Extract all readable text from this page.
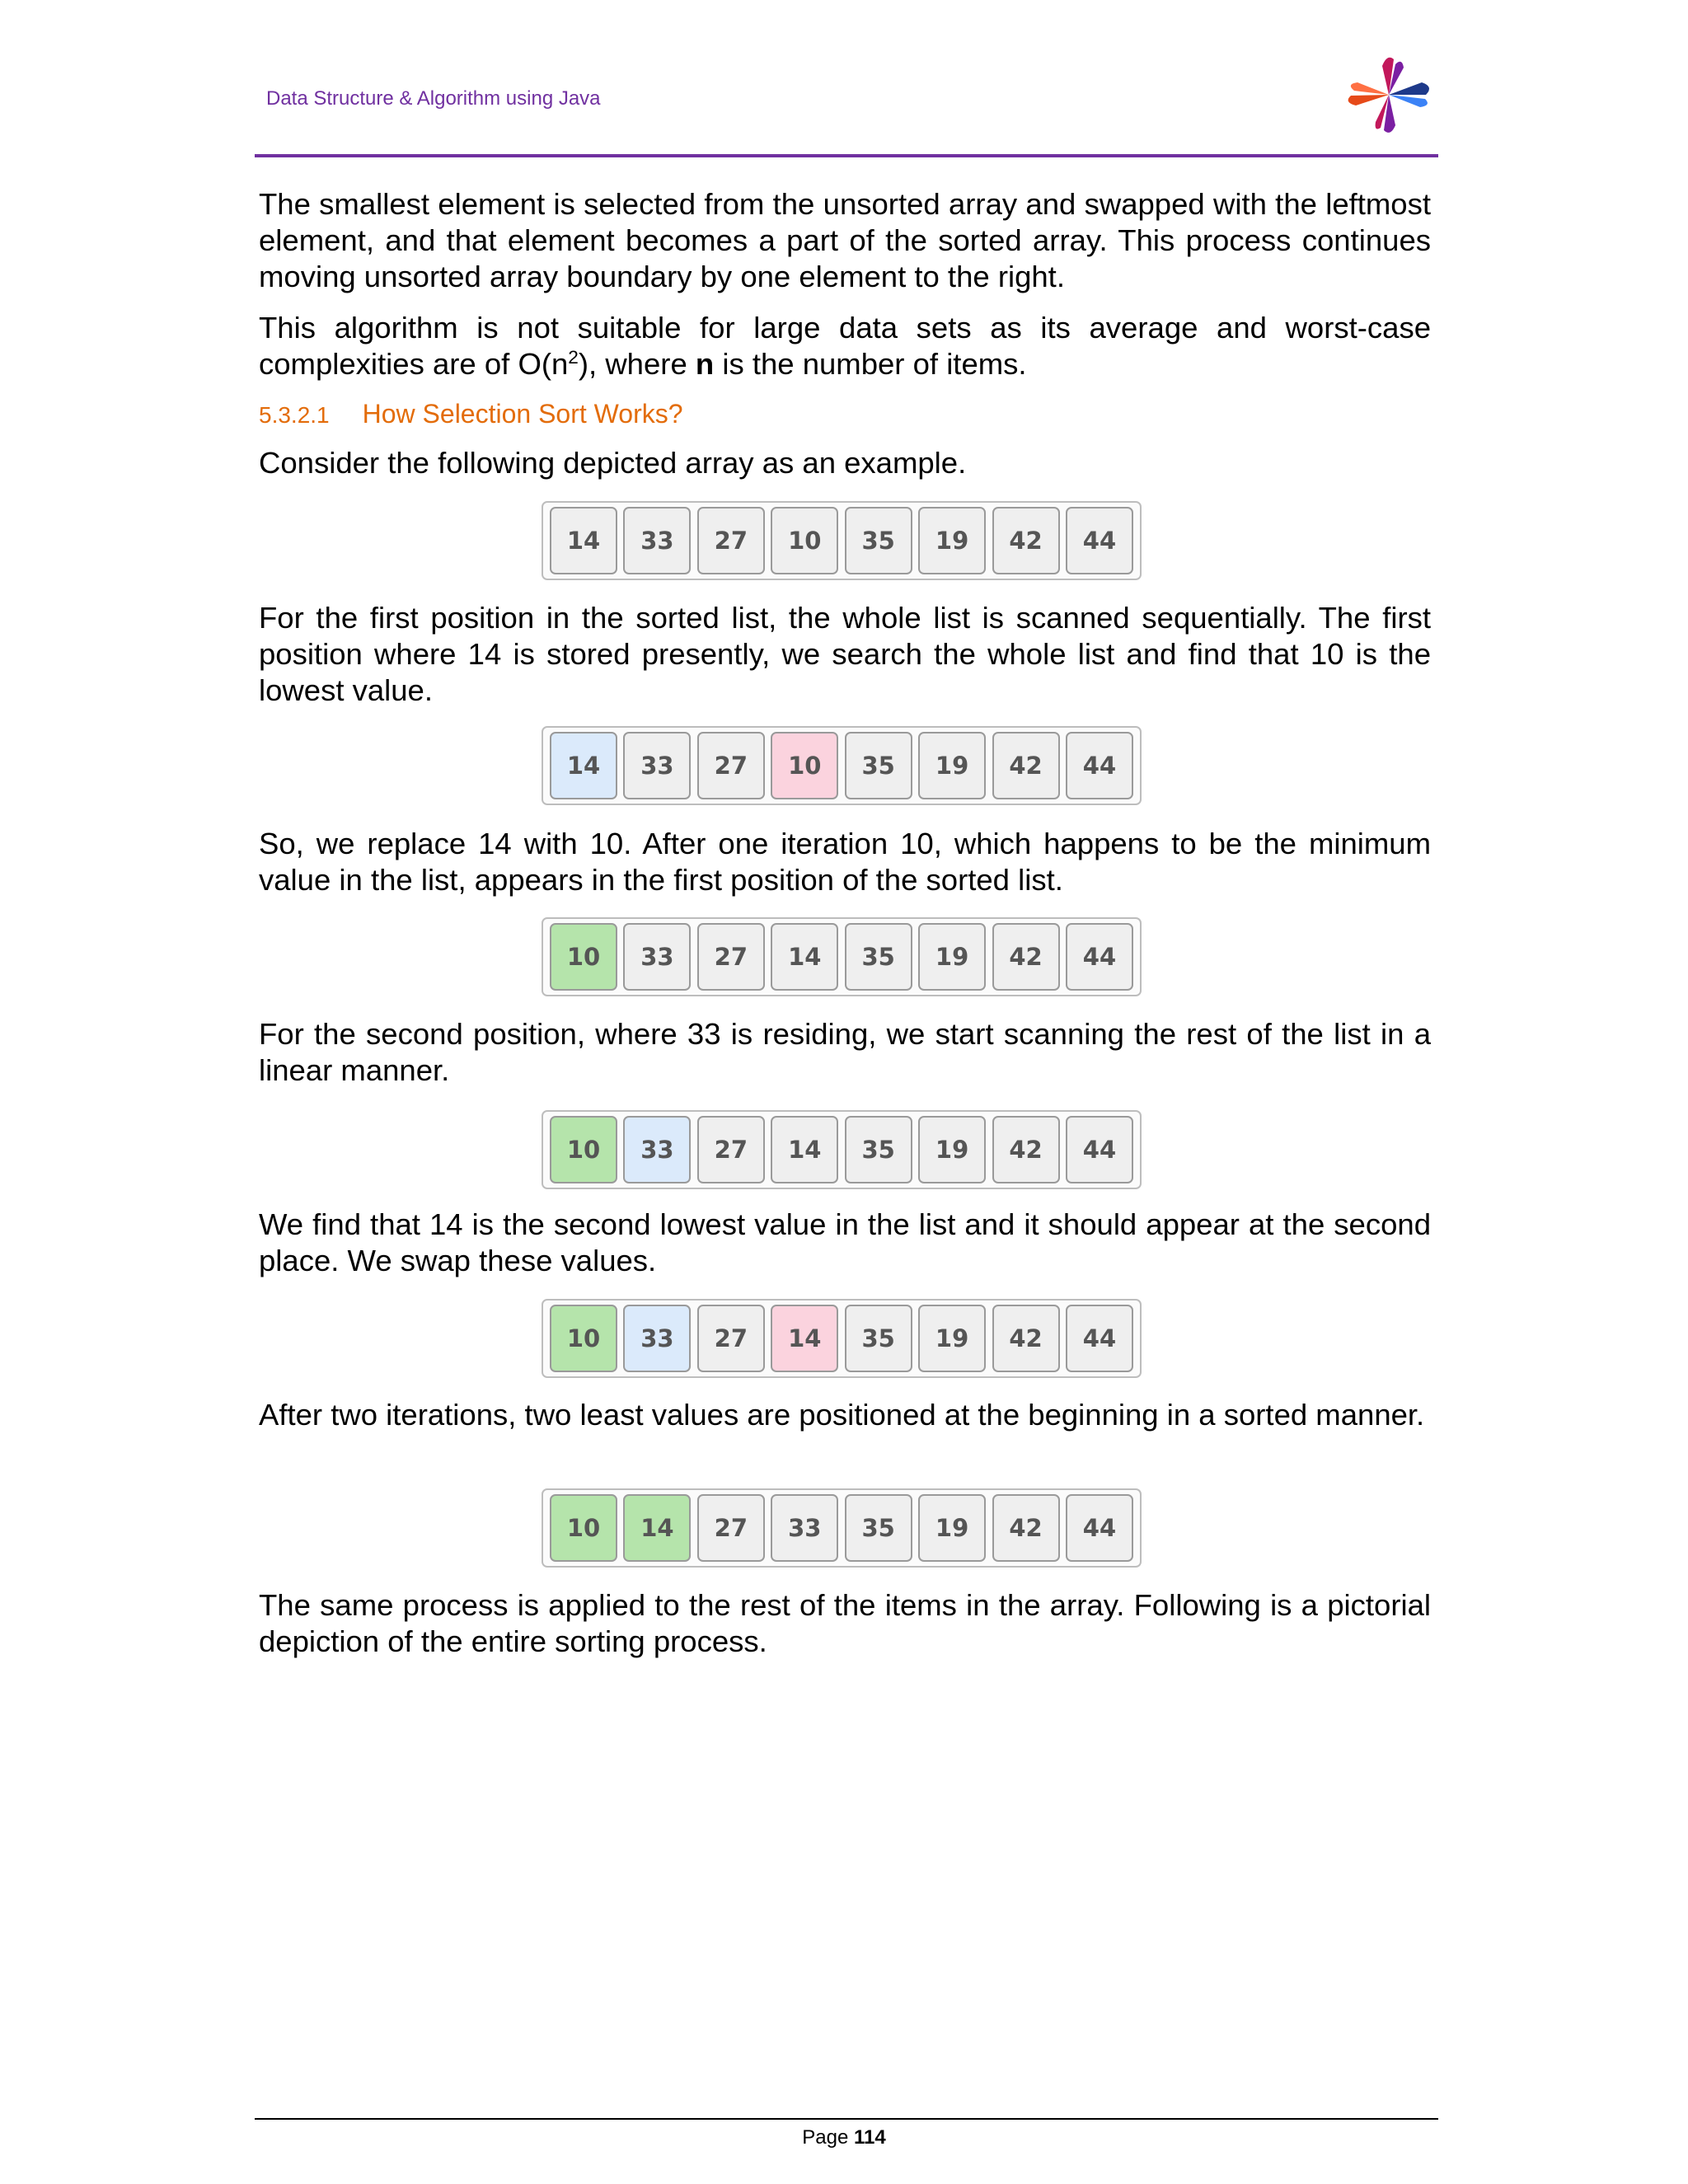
Data Structure & Algorithm using Java

The smallest element is selected from the unsorted array and swapped with the leftmost element, and that element becomes a part of the sorted array. This process continues moving unsorted array boundary by one element to the right.

This algorithm is not suitable for large data sets as its average and worst-case complexities are of $O(n^2)$, where n is the number of items.

5.3.2.1 How Selection Sort Works?

Consider the following depicted array as an example.

14	33	27	10	35	19	42	44

For the first position in the sorted list, the whole list is scanned sequentially. The first position where 14 is stored presently, we search the whole list and find that 10 is the lowest value.

14	33	27	10	35	19	42	44

So, we replace 14 with 10. After one iteration 10, which happens to be the minimum value in the list, appears in the first position of the sorted list.

10	33	27	14	35	19	42	44

For the second position, where 33 is residing, we start scanning the rest of the list in a linear manner.

10	33	27	14	35	19	42	44

We find that 14 is the second lowest value in the list and it should appear at the second place. We swap these values.

10	33	27	14	35	19	42	44

After two iterations, two least values are positioned at the beginning in a sorted manner.

10	14	27	33	35	19	42	44

The same process is applied to the rest of the items in the array. Following is a pictorial depiction of the entire sorting process.

Page 114
